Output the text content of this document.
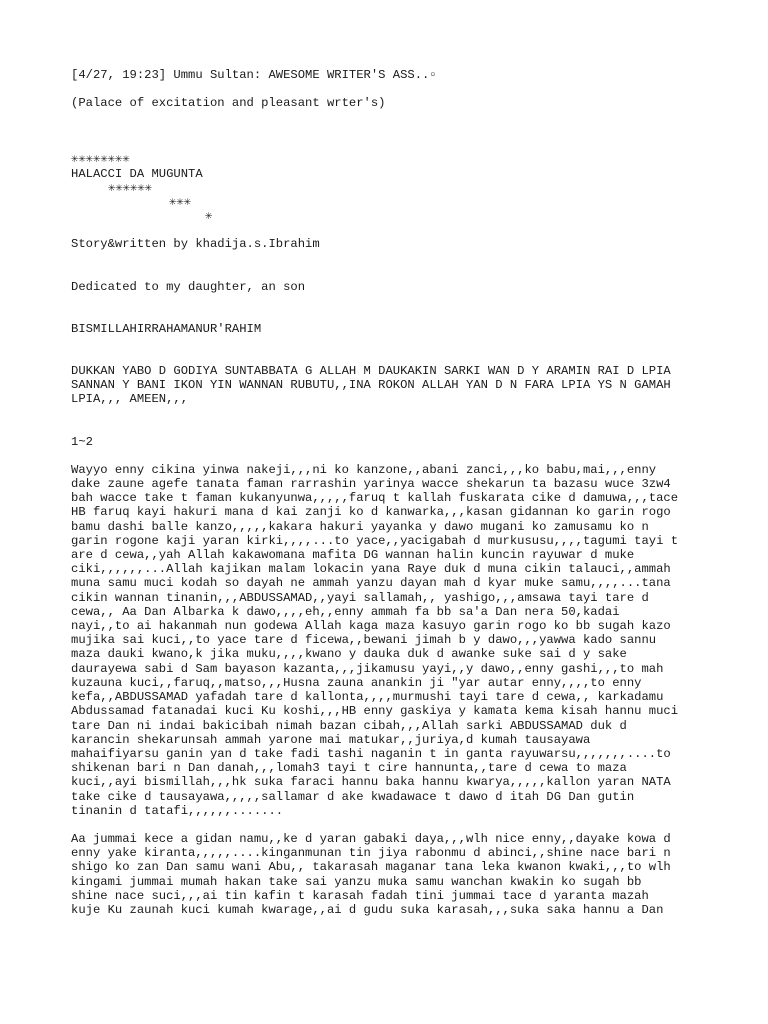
[4/27, 19:23] Ummu Sultan: AWESOME WRITER'S ASS..▫
(Palace of excitation and pleasant wrter's)
✳✳✳✳✳✳✳✳
HALACCI DA MUGUNTA
✳✳✳✳✳✳
✳✳✳
✳
Story&written by khadija.s.Ibrahim
Dedicated to my daughter, an son
BISMILLAHIRRAHAMANUR'RAHIM
DUKKAN YABO D GODIYA SUNTABBATA G ALLAH M DAUKAKIN SARKI WAN D Y ARAMIN RAI D LPIA
SANNAN Y BANI IKON YIN WANNAN RUBUTU,,INA ROKON ALLAH YAN D N FARA LPIA YS N GAMAH
LPIA,,, AMEEN,,,
1~2
Wayyo enny cikina yinwa nakeji,,,ni ko kanzone,,abani zanci,,,ko babu,mai,,,enny
dake zaune agefe tanata faman rarrashin yarinya wacce shekarun ta bazasu wuce 3zw4
bah wacce take t faman kukanyunwa,,,,,faruq t kallah fuskarata cike d damuwa,,,tace
HB faruq kayi hakuri mana d kai zanji ko d kanwarka,,,kasan gidannan ko garin rogo
bamu dashi balle kanzo,,,,,kakara hakuri yayanka y dawo mugani ko zamusamu ko n
garin rogone kaji yaran kirki,,,,...to yace,,yacigabah d murkususu,,,,tagumi tayi t
are d cewa,,yah Allah kakawomana mafita DG wannan halin kuncin rayuwar d muke
ciki,,,,,,...Allah kajikan malam lokacin yana Raye duk d muna cikin talauci,,ammah
muna samu muci kodah so dayah ne ammah yanzu dayan mah d kyar muke samu,,,,...tana
cikin wannan tinanin,,,ABDUSSAMAD,,yayi sallamah,, yashigo,,,amsawa tayi tare d
cewa,, Aa Dan Albarka k dawo,,,,eh,,enny ammah fa bb sa'a Dan nera 50,kadai
nayi,,to ai hakanmah nun godewa Allah kaga maza kasuyo garin rogo ko bb sugah kazo
mujika sai kuci,,to yace tare d ficewa,,bewani jimah b y dawo,,,yawwa kado sannu
maza dauki kwano,k jika muku,,,,kwano y dauka duk d awanke suke sai d y sake
daurayewa sabi d Sam bayason kazanta,,,jikamusu yayi,,y dawo,,enny gashi,,,to mah
kuzauna kuci,,faruq,,matso,,,Husna zauna anankin ji "yar autar enny,,,,to enny
kefa,,ABDUSSAMAD yafadah tare d kallonta,,,,murmushi tayi tare d cewa,, karkadamu
Abdussamad fatanadai kuci Ku koshi,,,HB enny gaskiya y kamata kema kisah hannu muci
tare Dan ni indai bakicibah nimah bazan cibah,,,Allah sarki ABDUSSAMAD duk d
karancin shekarunsah ammah yarone mai matukar,,juriya,d kumah tausayawa
mahaifiyarsu ganin yan d take fadi tashi naganin t in ganta rayuwarsu,,,,,,,....to
shikenan bari n Dan danah,,,lomah3 tayi t cire hannunta,,tare d cewa to maza
kuci,,ayi bismillah,,,hk suka faraci hannu baka hannu kwarya,,,,,kallon yaran NATA
take cike d tausayawa,,,,,sallamar d ake kwadawace t dawo d itah DG Dan gutin
tinanin d tatafi,,,,,,.......
Aa jummai kece a gidan namu,,ke d yaran gabaki daya,,,wlh nice enny,,dayake kowa d
enny yake kiranta,,,,,....kinganmunan tin jiya rabonmu d abinci,,shine nace bari n
shigo ko zan Dan samu wani Abu,, takarasah maganar tana leka kwanon kwaki,,,to wlh
kingami jummai mumah hakan take sai yanzu muka samu wanchan kwakin ko sugah bb
shine nace suci,,,ai tin kafin t karasah fadah tini jummai tace d yaranta mazah
kuje Ku zaunah kuci kumah kwarage,,ai d gudu suka karasah,,,suka saka hannu a Dan
